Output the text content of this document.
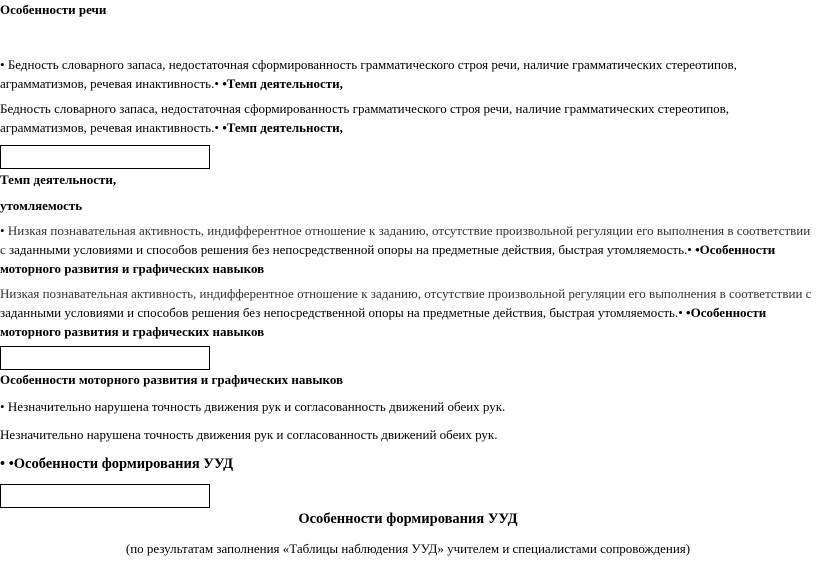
Особенности речи
• Бедность словарного запаса, недостаточная сформированность грамматического строя речи, наличие грамматических стереотипов, аграмматизмов, речевая инактивность.• •Темп деятельности,
Бедность словарного запаса, недостаточная сформированность грамматического строя речи, наличие грамматических стереотипов, аграмматизмов, речевая инактивность.• •Темп деятельности,
Темп деятельности,
утомляемость
• Низкая познавательная активность, индифферентное отношение к заданию, отсутствие произвольной регуляции его выполнения в соответствии с заданными условиями и способов решения без непосредственной опоры на предметные действия, быстрая утомляемость.• •Особенности моторного развития и графических навыков
Низкая познавательная активность, индифферентное отношение к заданию, отсутствие произвольной регуляции его выполнения в соответствии с заданными условиями и способов решения без непосредственной опоры на предметные действия, быстрая утомляемость.• •Особенности моторного развития и графических навыков
Особенности моторного развития и графических навыков
• Незначительно нарушена точность движения рук и согласованность движений обеих рук.
Незначительно нарушена точность движения рук и согласованность движений обеих рук.
• •Особенности формирования УУД
Особенности формирования УУД
(по результатам заполнения «Таблицы наблюдения УУД» учителем и специалистами сопровождения)
